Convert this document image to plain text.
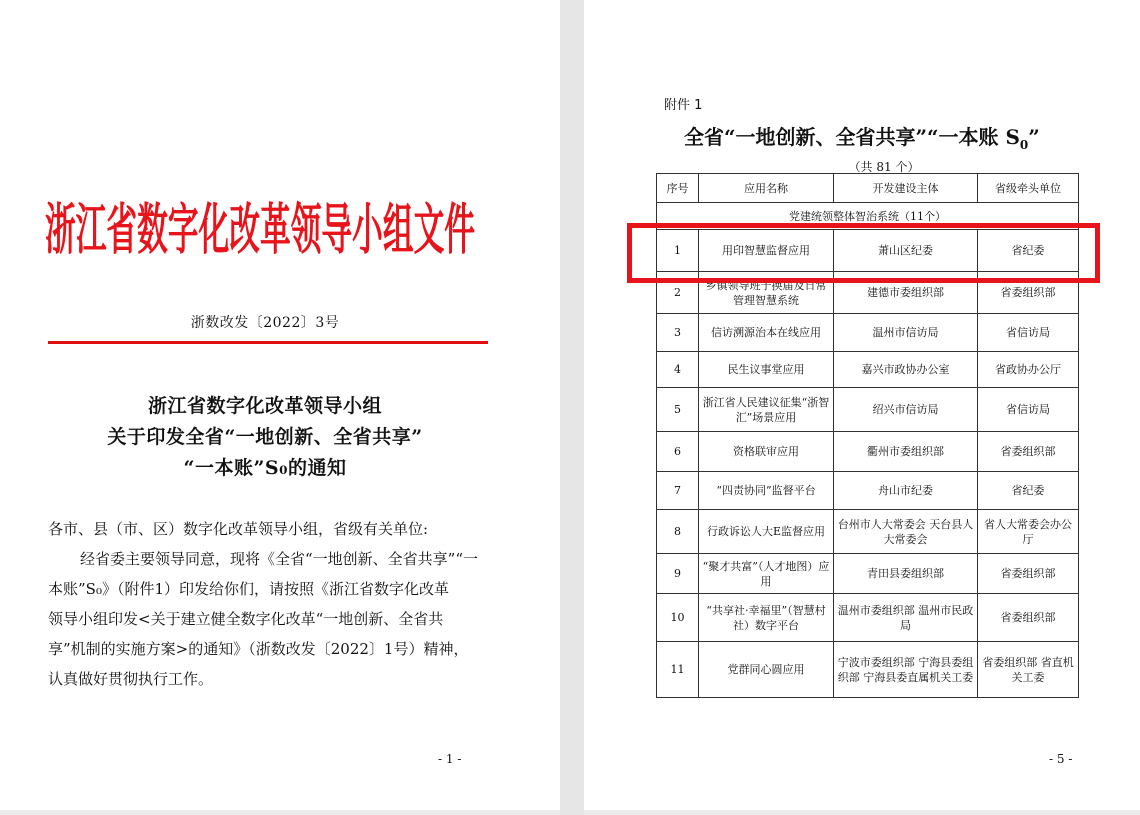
浙江省数字化改革领导小组文件
浙数改发〔2022〕3号
浙江省数字化改革领导小组
关于印发全省“一地创新、全省共享”
“一本账”S₀的通知
各市、县（市、区）数字化改革领导小组，省级有关单位:
经省委主要领导同意，现将《全省“一地创新、全省共享”“一
本账”S₀》（附件1）印发给你们，请按照《浙江省数字化改革
领导小组印发<关于建立健全数字化改革“一地创新、全省共
享”机制的实施方案>的通知》（浙数改发〔2022〕1号）精神，
认真做好贯彻执行工作。
- 1 -
附件 1
全省“一地创新、全省共享”“一本账 $S_0$”
（共 81 个）
序号	应用名称	开发建设主体	省级牵头单位
党建统领整体智治系统（11个）			
1	用印智慧监督应用	萧山区纪委	省纪委
2	乡镇领导班子换届及日常管理智慧系统	建德市委组织部	省委组织部
3	信访溯源治本在线应用	温州市信访局	省信访局
4	民生议事堂应用	嘉兴市政协办公室	省政协办公厅
5	浙江省人民建议征集“浙智汇”场景应用	绍兴市信访局	省信访局
6	资格联审应用	衢州市委组织部	省委组织部
7	“四责协同”监督平台	舟山市纪委	省纪委
8	行政诉讼人大E监督应用	台州市人大常委会 天台县人大常委会	省人大常委会办公厅
9	“聚才共富”（人才地图）应用	青田县委组织部	省委组织部
10	“共享社·幸福里”（智慧村社）数字平台	温州市委组织部 温州市民政局	省委组织部
11	党群同心圆应用	宁波市委组织部 宁海县委组织部 宁海县委直属机关工委	省委组织部 省直机关工委
- 5 -
